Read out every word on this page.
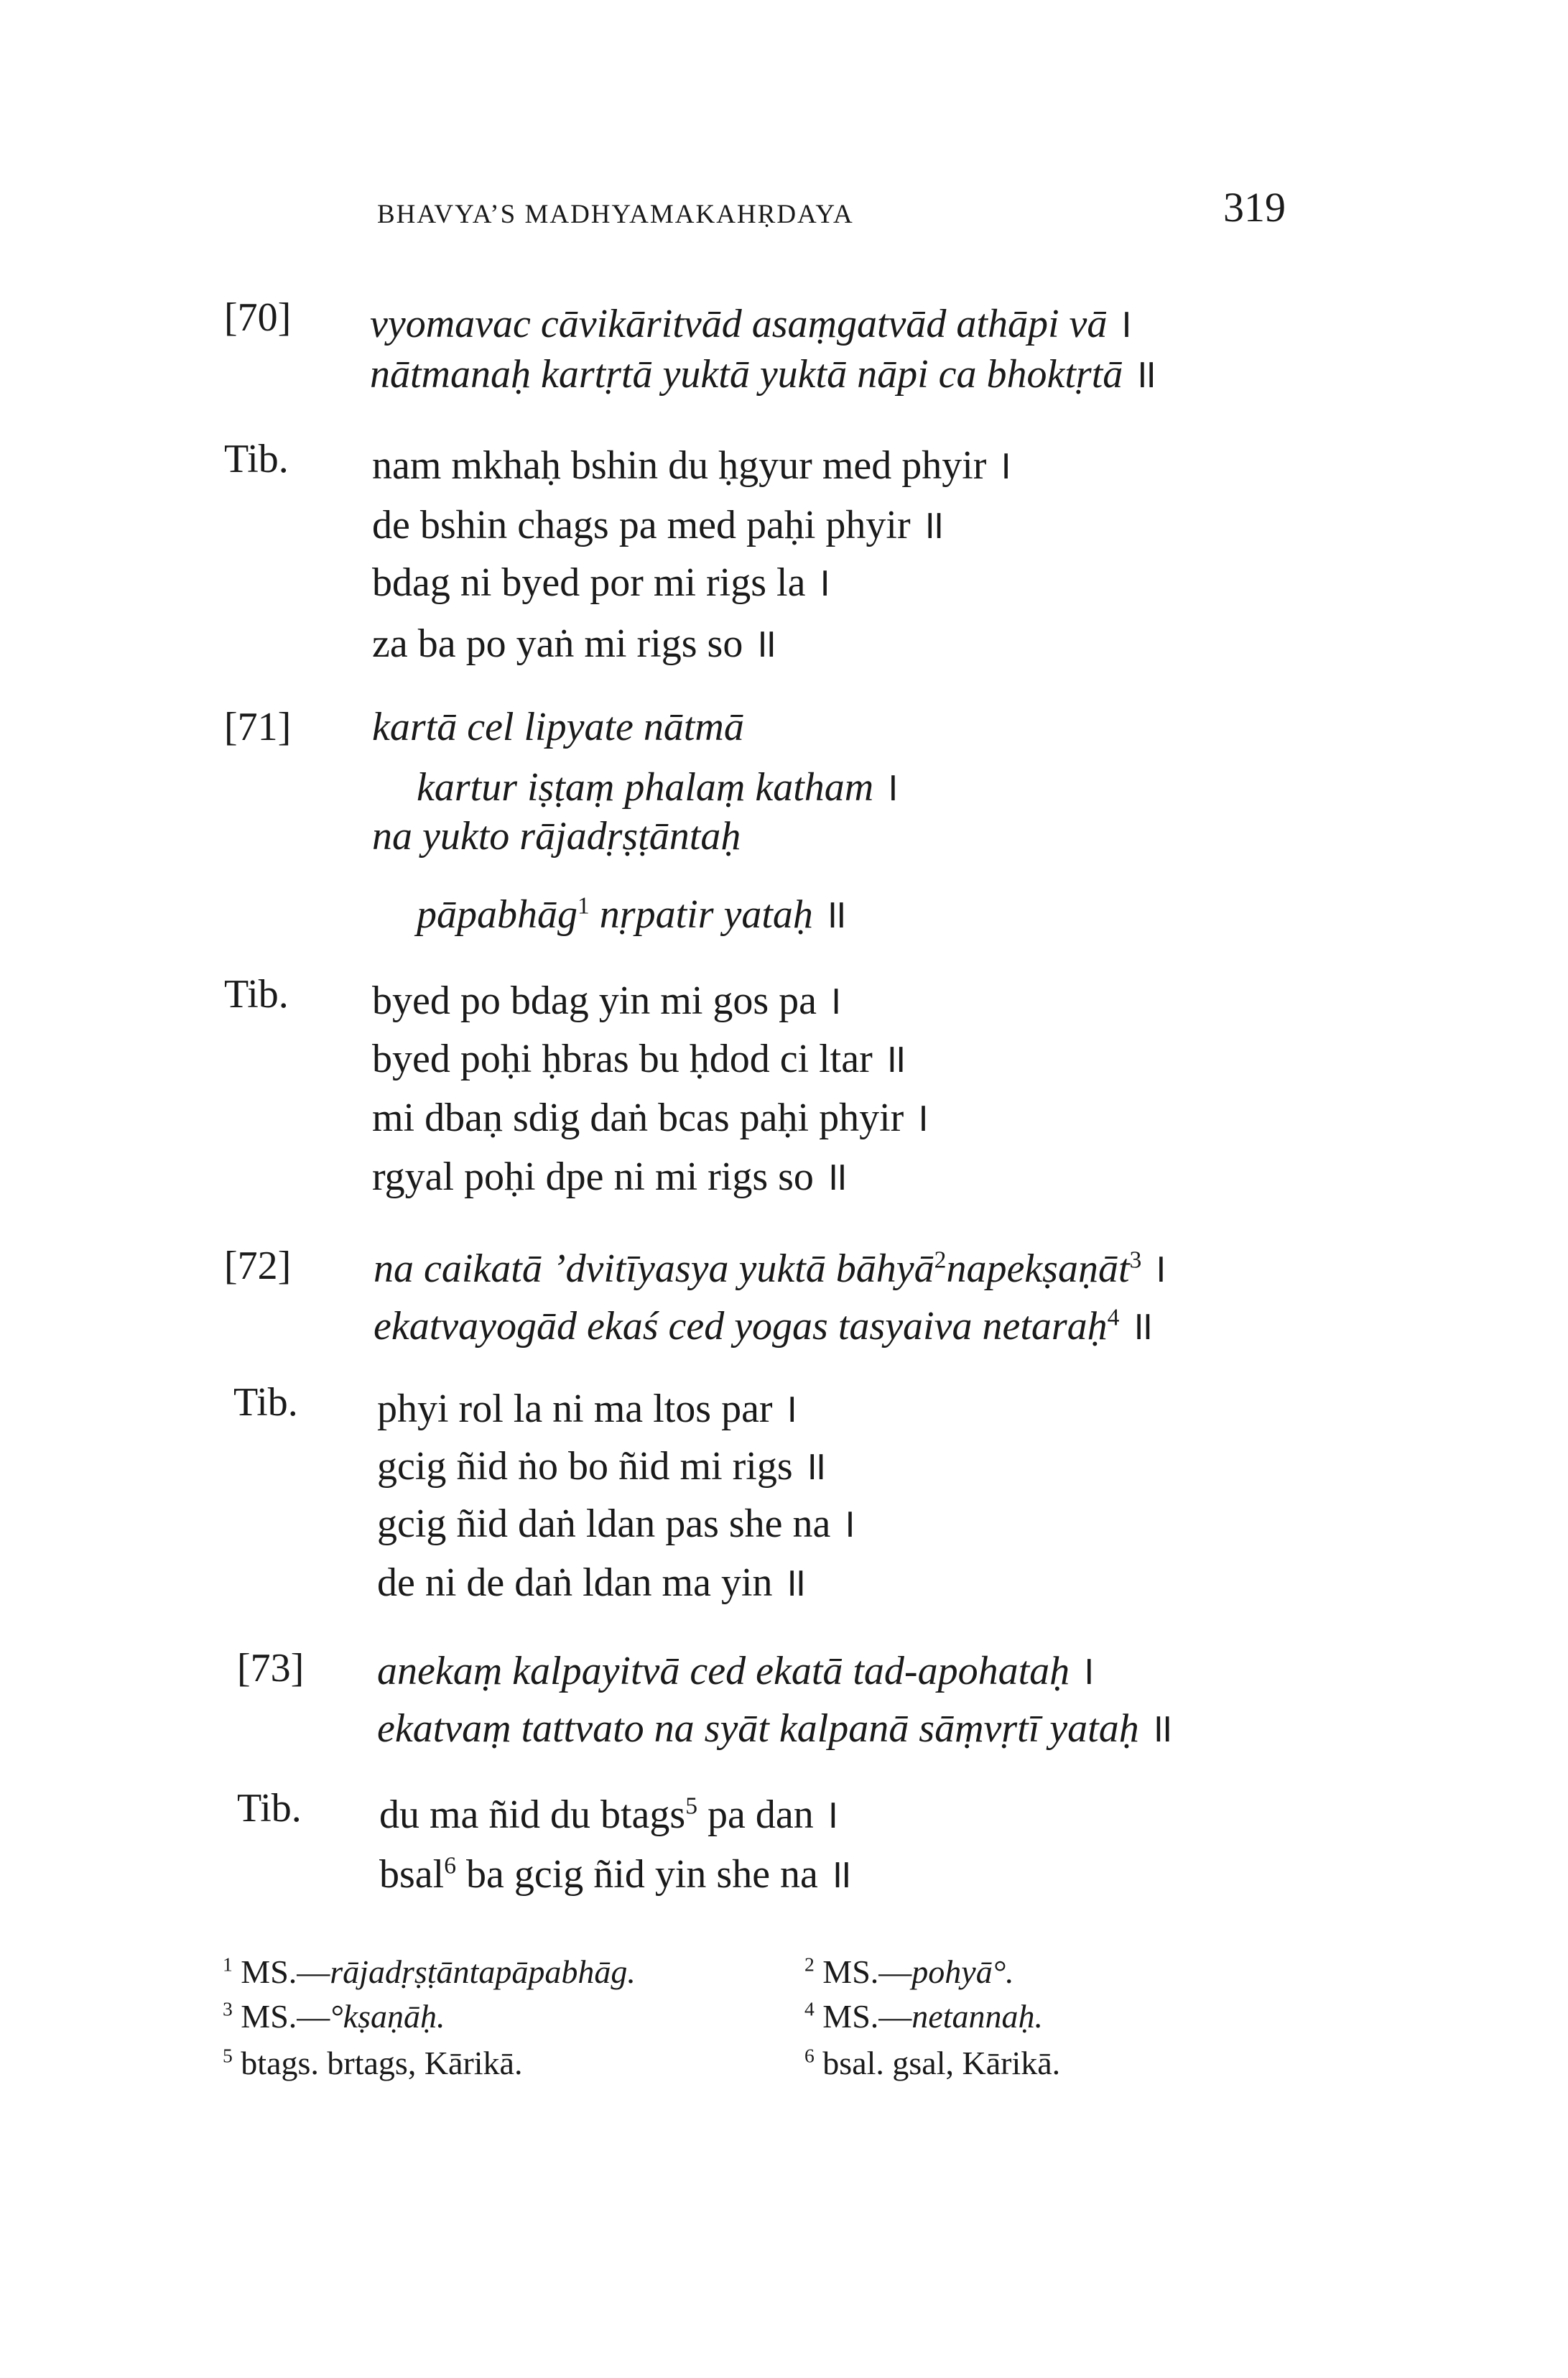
BHAVYA’S MADHYAMAKAHṚDAYA	319
[70] vyomavac cāvikāritvād asaṃgatvād athāpi vā ।
nātmanaḥ kartṛtā yuktā yuktā nāpi ca bhoktṛtā ॥
Tib. nam mkhaḥ bshin du ḥgyur med phyir ।
de bshin chags pa med paḥi phyir ॥
bdag ni byed por mi rigs la ।
za ba po yaṅ mi rigs so ॥
[71] kartā cel lipyate nātmā
kartur iṣṭaṃ phalaṃ katham ।
na yukto rājadṛṣṭāntaḥ
pāpabhāg$^1$ nṛpatir yataḥ ॥
Tib. byed po bdag yin mi gos pa ।
byed poḥi ḥbras bu ḥdod ci ltar ॥
mi dbaṇ sdig daṅ bcas paḥi phyir ।
rgyal poḥi dpe ni mi rigs so ॥
[72] na caikatā ’dvitīyasya yuktā bāhyā$^2$napekṣaṇāt$^3$ ।
ekatvayogād ekaś ced yogas tasyaiva netaraḥ$^4$ ॥
Tib. phyi rol la ni ma ltos par ।
gcig ñid ṅo bo ñid mi rigs ॥
gcig ñid daṅ ldan pas she na ।
de ni de daṅ ldan ma yin ॥
[73] anekaṃ kalpayitvā ced ekatā tad-apohataḥ ।
ekatvaṃ tattvato na syāt kalpanā sāṃvṛtī yataḥ ॥
Tib. du ma ñid du btags$^5$ pa dan ।
bsal$^6$ ba gcig ñid yin she na ॥
$^1$ MS.—rājadṛṣṭāntapāpabhāg.	$^2$ MS.—pohyā°.
$^3$ MS.—°kṣaṇāḥ.	$^4$ MS.—netannaḥ.
$^5$ btags. brtags, Kārikā.	$^6$ bsal. gsal, Kārikā.
